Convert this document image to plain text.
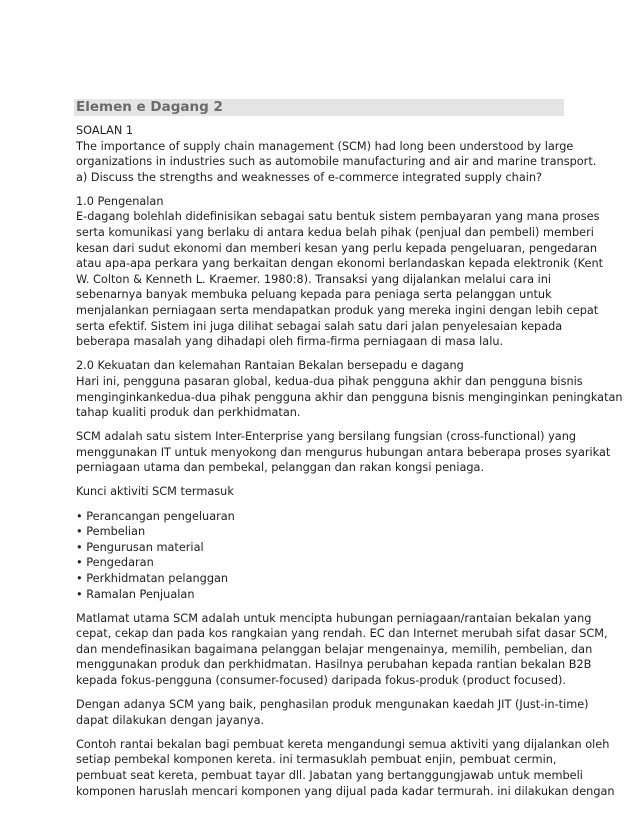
Elemen e Dagang 2

SOALAN 1
The importance of supply chain management (SCM) had long been understood by large
organizations in industries such as automobile manufacturing and air and marine transport.
a) Discuss the strengths and weaknesses of e-commerce integrated supply chain?

1.0 Pengenalan
E-dagang bolehlah didefinisikan sebagai satu bentuk sistem pembayaran yang mana proses
serta komunikasi yang berlaku di antara kedua belah pihak (penjual dan pembeli) memberi
kesan dari sudut ekonomi dan memberi kesan yang perlu kepada pengeluaran, pengedaran
atau apa-apa perkara yang berkaitan dengan ekonomi berlandaskan kepada elektronik (Kent
W. Colton & Kenneth L. Kraemer. 1980:8). Transaksi yang dijalankan melalui cara ini
sebenarnya banyak membuka peluang kepada para peniaga serta pelanggan untuk
menjalankan perniagaan serta mendapatkan produk yang mereka ingini dengan lebih cepat
serta efektif. Sistem ini juga dilihat sebagai salah satu dari jalan penyelesaian kepada
beberapa masalah yang dihadapi oleh firma-firma perniagaan di masa lalu.

2.0 Kekuatan dan kelemahan Rantaian Bekalan bersepadu e dagang
Hari ini, pengguna pasaran global, kedua-dua pihak pengguna akhir dan pengguna bisnis
menginginkankedua-dua pihak pengguna akhir dan pengguna bisnis menginginkan peningkatan
tahap kualiti produk dan perkhidmatan.

SCM adalah satu sistem Inter-Enterprise yang bersilang fungsian (cross-functional) yang
menggunakan IT untuk menyokong dan mengurus hubungan antara beberapa proses syarikat
perniagaan utama dan pembekal, pelanggan dan rakan kongsi peniaga.

Kunci aktiviti SCM termasuk

• Perancangan pengeluaran
• Pembelian
• Pengurusan material
• Pengedaran
• Perkhidmatan pelanggan
• Ramalan Penjualan

Matlamat utama SCM adalah untuk mencipta hubungan perniagaan/rantaian bekalan yang
cepat, cekap dan pada kos rangkaian yang rendah. EC dan Internet merubah sifat dasar SCM,
dan mendefinasikan bagaimana pelanggan belajar mengenainya, memilih, pembelian, dan
menggunakan produk dan perkhidmatan. Hasilnya perubahan kepada rantian bekalan B2B
kepada fokus-pengguna (consumer-focused) daripada fokus-produk (product focused).

Dengan adanya SCM yang baik, penghasilan produk mengunakan kaedah JIT (Just-in-time)
dapat dilakukan dengan jayanya.

Contoh rantai bekalan bagi pembuat kereta mengandungi semua aktiviti yang dijalankan oleh
setiap pembekal komponen kereta. ini termasuklah pembuat enjin, pembuat cermin,
pembuat seat kereta, pembuat tayar dll. Jabatan yang bertanggungjawab untuk membeli
komponen haruslah mencari komponen yang dijual pada kadar termurah. ini dilakukan dengan
